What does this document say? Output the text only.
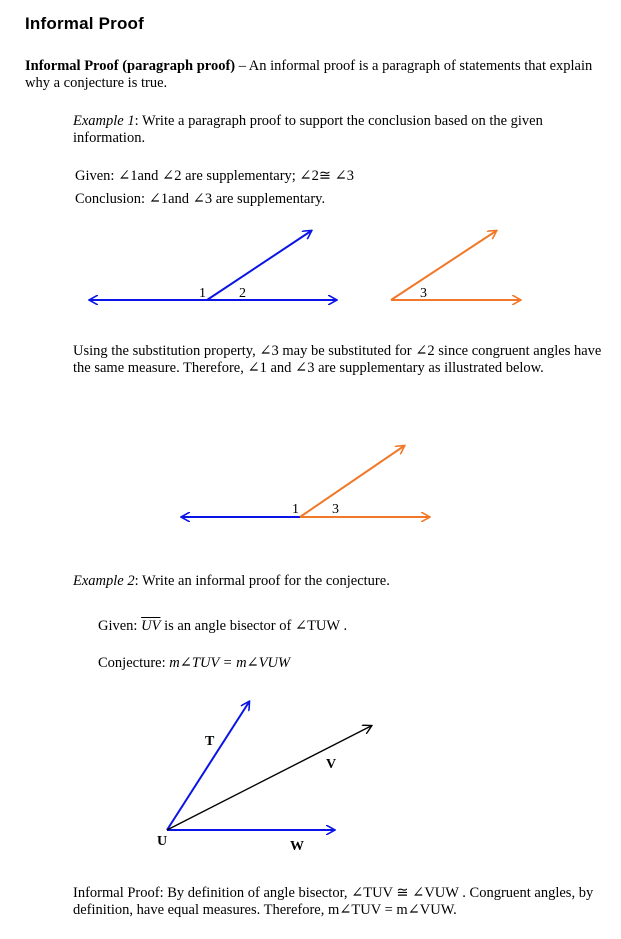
Informal Proof
Informal Proof (paragraph proof) – An informal proof is a paragraph of statements that explain why a conjecture is true.
Example 1: Write a paragraph proof to support the conclusion based on the given information.
Given: ∠1and ∠2 are supplementary; ∠2≅ ∠3
Conclusion: ∠1and ∠3 are supplementary.
Using the substitution property, ∠3 may be substituted for ∠2 since congruent angles have the same measure. Therefore, ∠1 and ∠3 are supplementary as illustrated below.
Example 2: Write an informal proof for the conjecture.
Given: $\overline{UV}$ is an angle bisector of ∠TUW .
Conjecture: m∠TUV = m∠VUW
Informal Proof: By definition of angle bisector, ∠TUV ≅ ∠VUW . Congruent angles, by definition, have equal measures. Therefore, m∠TUV = m∠VUW.
1 2	3
1 3
T
U
V
W
